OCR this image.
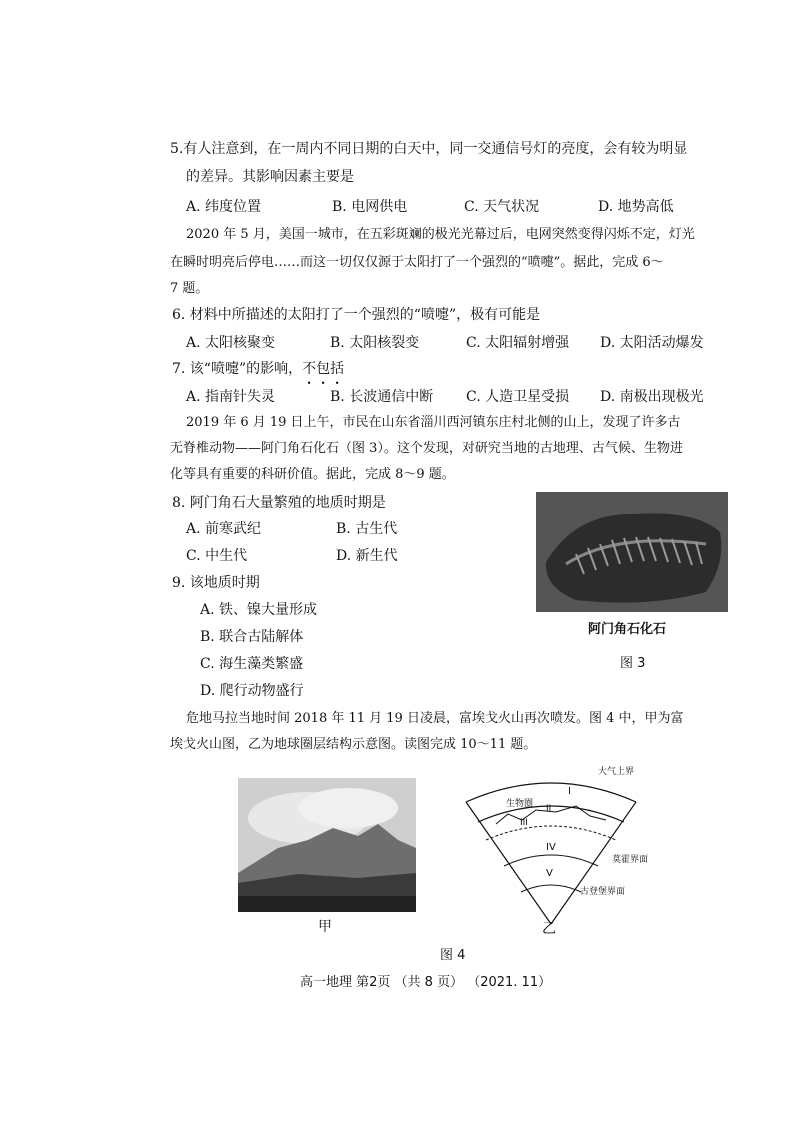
5.有人注意到，在一周内不同日期的白天中，同一交通信号灯的亮度，会有较为明显
的差异。其影响因素主要是
A. 纬度位置	B. 电网供电	C. 天气状况	D. 地势高低
2020 年 5 月，美国一城市，在五彩斑斓的极光光幕过后，电网突然变得闪烁不定，灯光
在瞬时明亮后停电……而这一切仅仅源于太阳打了一个强烈的“喷嚏”。据此，完成 6～
7 题。
6. 材料中所描述的太阳打了一个强烈的“喷嚏”，极有可能是
A. 太阳核聚变	B. 太阳核裂变	C. 太阳辐射增强 D. 太阳活动爆发
7. 该“喷嚏”的影响，不包括
A. 指南针失灵	B. 长波通信中断 C. 人造卫星受损 D. 南极出现极光
2019 年 6 月 19 日上午，市民在山东省淄川西河镇东庄村北侧的山上，发现了许多古
无脊椎动物——阿门角石化石（图 3）。这个发现，对研究当地的古地理、古气候、生物进
化等具有重要的科研价值。据此，完成 8～9 题。
8. 阿门角石大量繁殖的地质时期是
A. 前寒武纪	B. 古生代
C. 中生代	D. 新生代
9. 该地质时期
A. 铁、镍大量形成
B. 联合古陆解体
C. 海生藻类繁盛
D. 爬行动物盛行
阿门角石化石
图 3
危地马拉当地时间 2018 年 11 月 19 日凌晨，富埃戈火山再次喷发。图 4 中，甲为富
埃戈火山图，乙为地球圈层结构示意图。读图完成 10～11 题。
甲
大气上界
生物圈
莫霍界面
古登堡界面
I
II
III
IV
V
乙
图 4
高一地理 第2页 （共 8 页） （2021. 11）
